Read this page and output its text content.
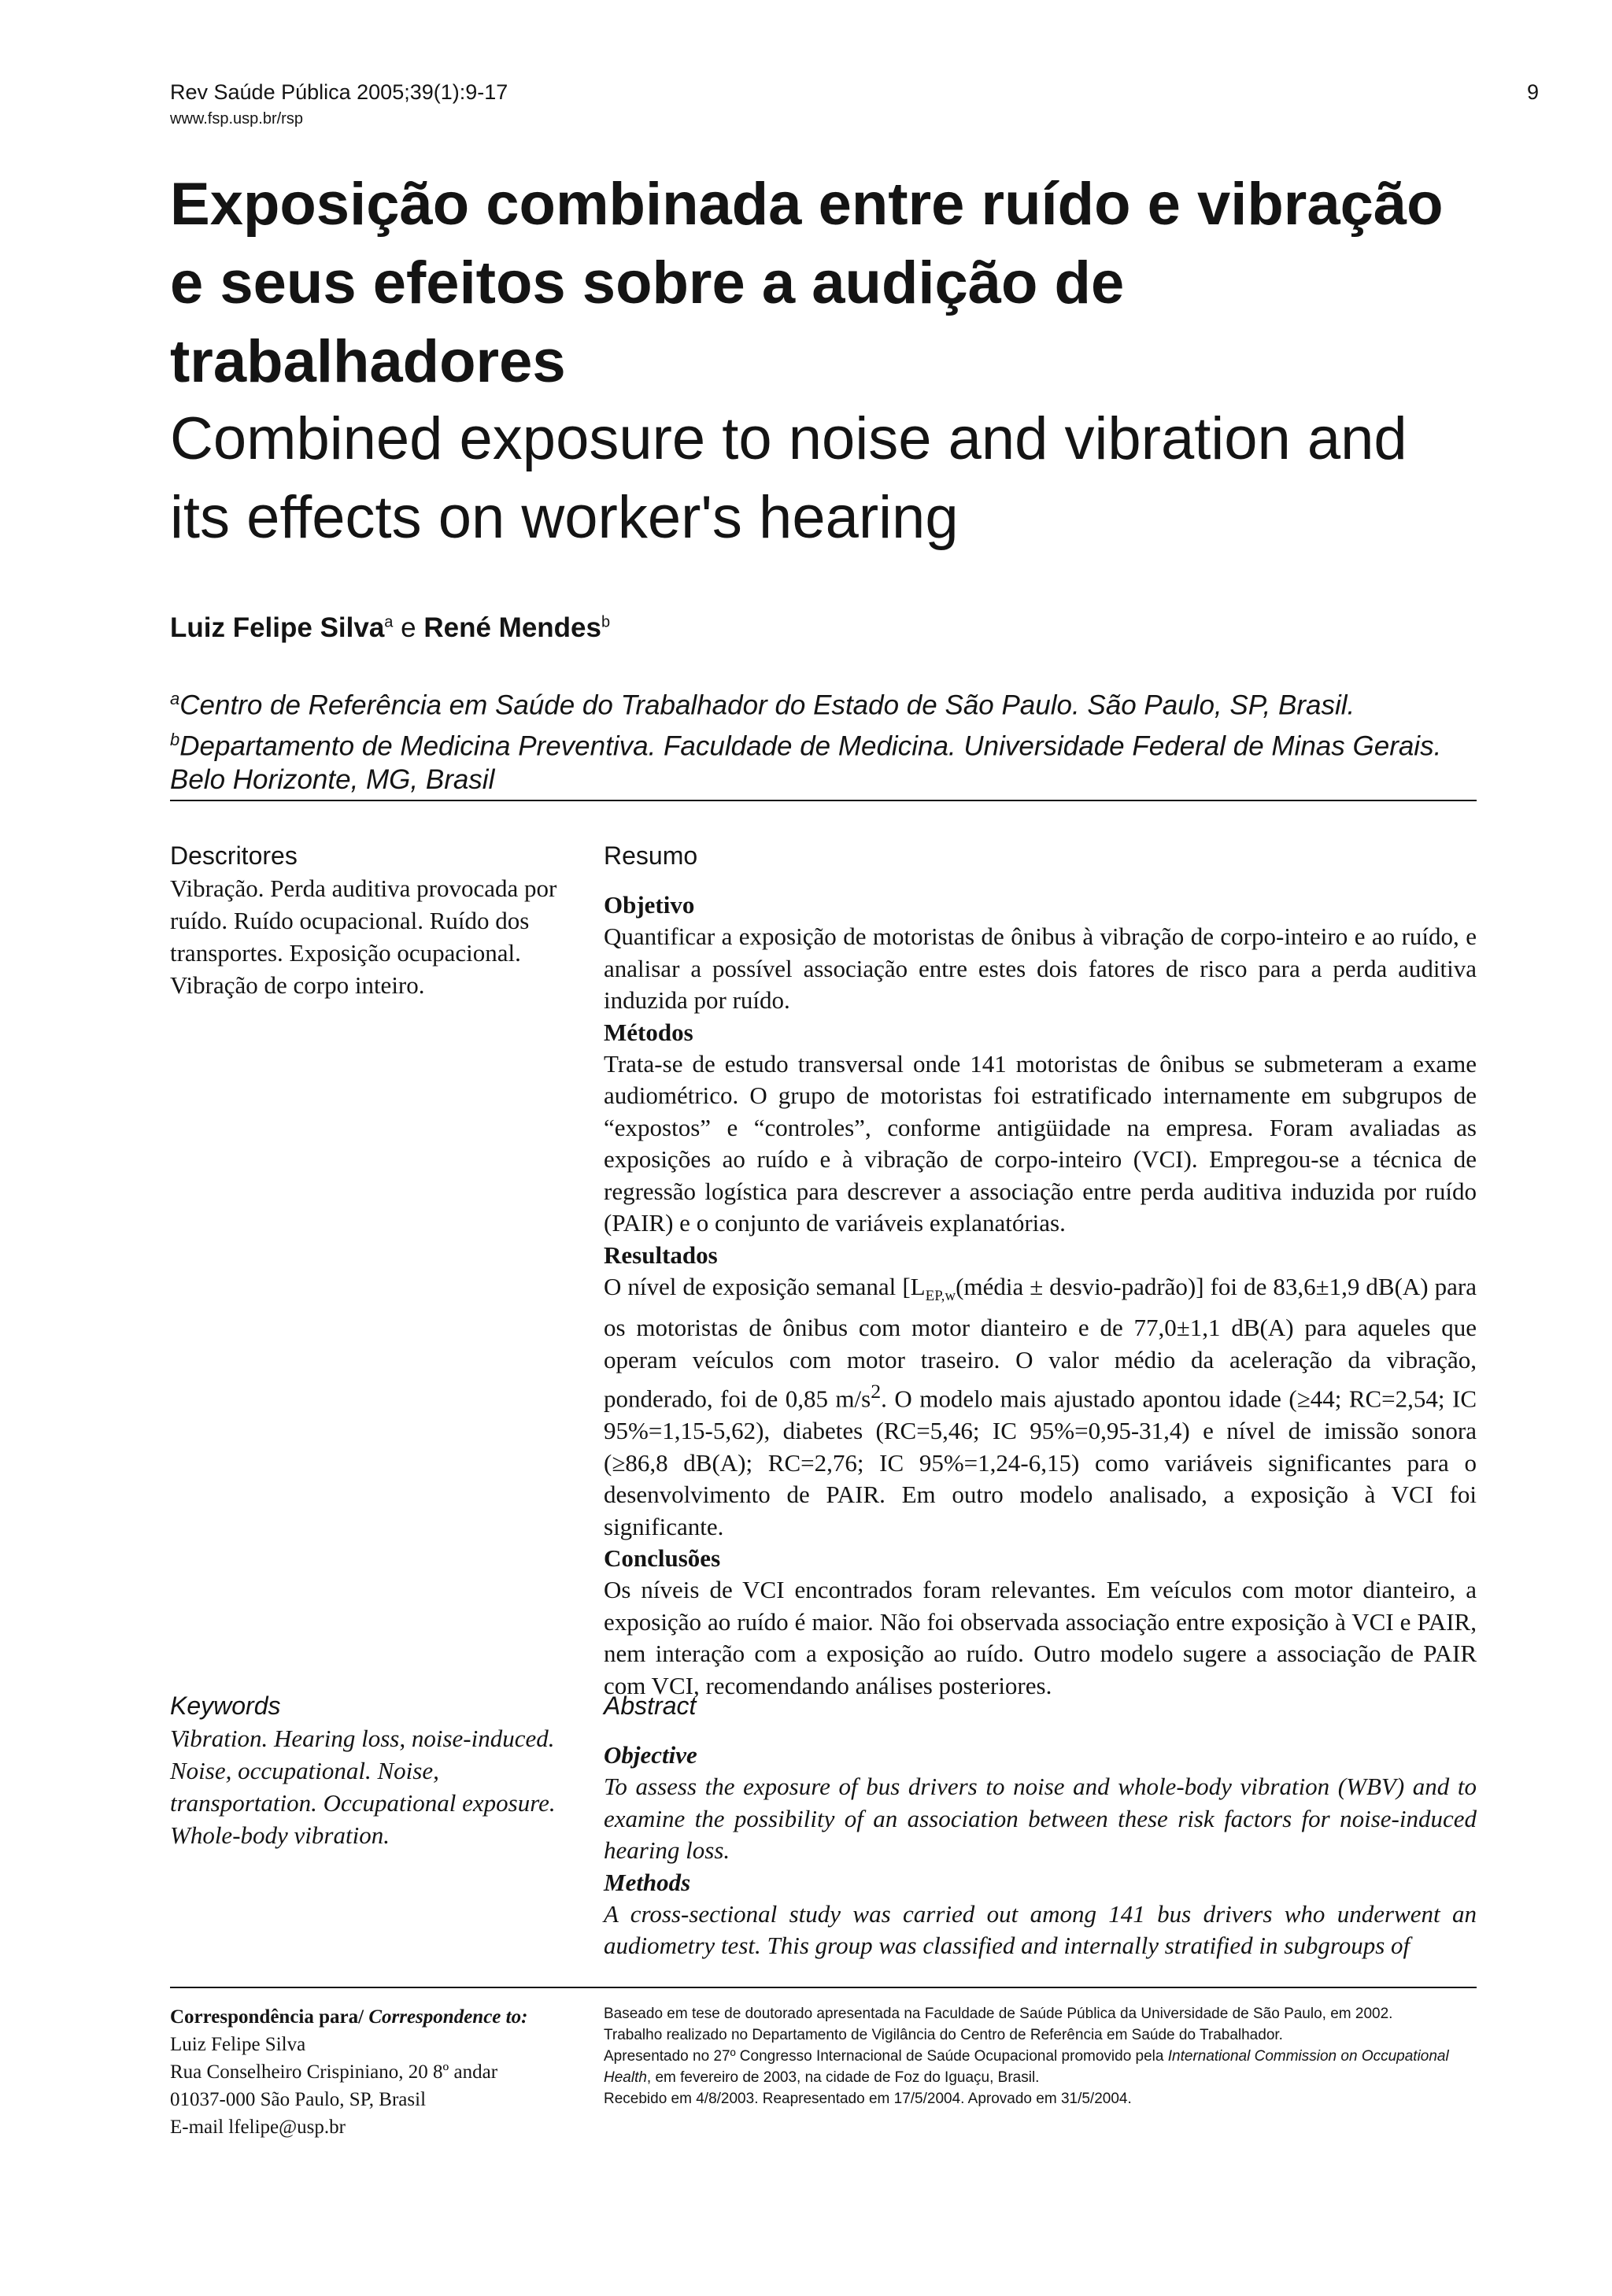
Rev Saúde Pública 2005;39(1):9-17
www.fsp.usp.br/rsp
9
Exposição combinada entre ruído e vibração
e seus efeitos sobre a audição de
trabalhadores
Combined exposure to noise and vibration and
its effects on worker's hearing
Luiz Felipe Silva$^a$ e René Mendes$^b$
$^a$Centro de Referência em Saúde do Trabalhador do Estado de São Paulo. São Paulo, SP, Brasil.
$^b$Departamento de Medicina Preventiva. Faculdade de Medicina. Universidade Federal de Minas Gerais. Belo Horizonte, MG, Brasil
Descritores
Vibração. Perda auditiva provocada por ruído. Ruído ocupacional. Ruído dos transportes. Exposição ocupacional. Vibração de corpo inteiro.
Resumo
Objetivo
Quantificar a exposição de motoristas de ônibus à vibração de corpo-inteiro e ao ruído, e analisar a possível associação entre estes dois fatores de risco para a perda auditiva induzida por ruído.
Métodos
Trata-se de estudo transversal onde 141 motoristas de ônibus se submeteram a exame audiométrico. O grupo de motoristas foi estratificado internamente em subgrupos de “expostos” e “controles”, conforme antigüidade na empresa. Foram avaliadas as exposições ao ruído e à vibração de corpo-inteiro (VCI). Empregou-se a técnica de regressão logística para descrever a associação entre perda auditiva induzida por ruído (PAIR) e o conjunto de variáveis explanatórias.
Resultados
O nível de exposição semanal [$L_{EP,w}(média$ ± desvio-padrão)] foi de 83,6±1,9 dB(A) para os motoristas de ônibus com motor dianteiro e de 77,0±1,1 dB(A) para aqueles que operam veículos com motor traseiro. O valor médio da aceleração da vibração, ponderado, foi de 0,85 $m/s^2$. O modelo mais ajustado apontou idade (≥44; RC=2,54; IC 95%=1,15-5,62), diabetes (RC=5,46; IC 95%=0,95-31,4) e nível de imissão sonora (≥86,8 dB(A); RC=2,76; IC 95%=1,24-6,15) como variáveis significantes para o desenvolvimento de PAIR. Em outro modelo analisado, a exposição à VCI foi significante.
Conclusões
Os níveis de VCI encontrados foram relevantes. Em veículos com motor dianteiro, a exposição ao ruído é maior. Não foi observada associação entre exposição à VCI e PAIR, nem interação com a exposição ao ruído. Outro modelo sugere a associação de PAIR com VCI, recomendando análises posteriores.
Keywords
Vibration. Hearing loss, noise-induced. Noise, occupational. Noise, transportation. Occupational exposure. Whole-body vibration.
Abstract
Objective
To assess the exposure of bus drivers to noise and whole-body vibration (WBV) and to examine the possibility of an association between these risk factors for noise-induced hearing loss.
Methods
A cross-sectional study was carried out among 141 bus drivers who underwent an audiometry test. This group was classified and internally stratified in subgroups of
Correspondência para/ Correspondence to:
Luiz Felipe Silva
Rua Conselheiro Crispiniano, 20 8º andar
01037-000 São Paulo, SP, Brasil
E-mail lfelipe@usp.br
Baseado em tese de doutorado apresentada na Faculdade de Saúde Pública da Universidade de São Paulo, em 2002.
Trabalho realizado no Departamento de Vigilância do Centro de Referência em Saúde do Trabalhador.
Apresentado no 27º Congresso Internacional de Saúde Ocupacional promovido pela International Commission on Occupational Health, em fevereiro de 2003, na cidade de Foz do Iguaçu, Brasil.
Recebido em 4/8/2003. Reapresentado em 17/5/2004. Aprovado em 31/5/2004.
